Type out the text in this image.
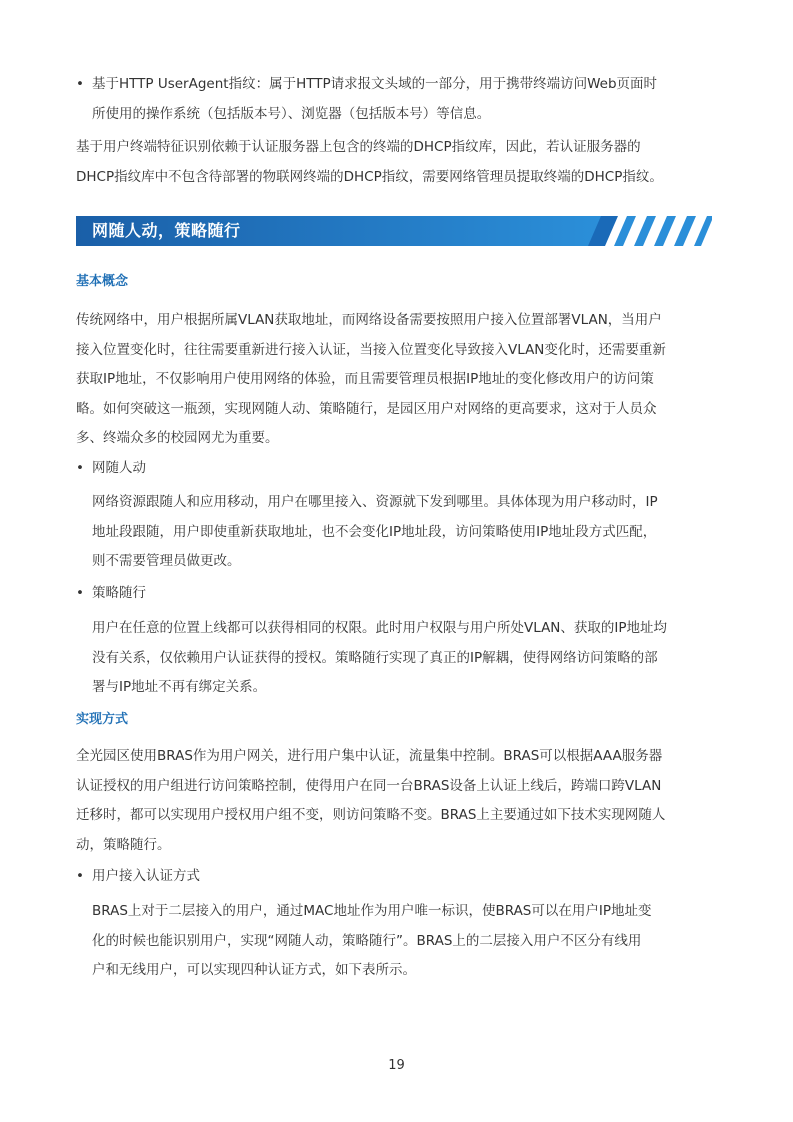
• 基于HTTP UserAgent指纹：属于HTTP请求报文头域的一部分，用于携带终端访问Web页面时

所使用的操作系统（包括版本号）、浏览器（包括版本号）等信息。

基于用户终端特征识别依赖于认证服务器上包含的终端的DHCP指纹库，因此，若认证服务器的

DHCP指纹库中不包含待部署的物联网终端的DHCP指纹，需要网络管理员提取终端的DHCP指纹。

网随人动，策略随行
基本概念

传统网络中，用户根据所属VLAN获取地址，而网络设备需要按照用户接入位置部署VLAN，当用户

接入位置变化时，往往需要重新进行接入认证，当接入位置变化导致接入VLAN变化时，还需要重新

获取IP地址，不仅影响用户使用网络的体验，而且需要管理员根据IP地址的变化修改用户的访问策

略。如何突破这一瓶颈，实现网随人动、策略随行，是园区用户对网络的更高要求，这对于人员众

多、终端众多的校园网尤为重要。

• 网随人动

网络资源跟随人和应用移动，用户在哪里接入、资源就下发到哪里。具体体现为用户移动时，IP

地址段跟随，用户即使重新获取地址，也不会变化IP地址段，访问策略使用IP地址段方式匹配，

则不需要管理员做更改。

• 策略随行

用户在任意的位置上线都可以获得相同的权限。此时用户权限与用户所处VLAN、获取的IP地址均

没有关系，仅依赖用户认证获得的授权。策略随行实现了真正的IP解耦，使得网络访问策略的部

署与IP地址不再有绑定关系。

实现方式

全光园区使用BRAS作为用户网关，进行用户集中认证，流量集中控制。BRAS可以根据AAA服务器

认证授权的用户组进行访问策略控制，使得用户在同一台BRAS设备上认证上线后，跨端口跨VLAN

迁移时，都可以实现用户授权用户组不变，则访问策略不变。BRAS上主要通过如下技术实现网随人

动，策略随行。

• 用户接入认证方式

BRAS上对于二层接入的用户，通过MAC地址作为用户唯一标识，使BRAS可以在用户IP地址变

化的时候也能识别用户，实现“网随人动，策略随行”。BRAS上的二层接入用户不区分有线用

户和无线用户，可以实现四种认证方式，如下表所示。

19
